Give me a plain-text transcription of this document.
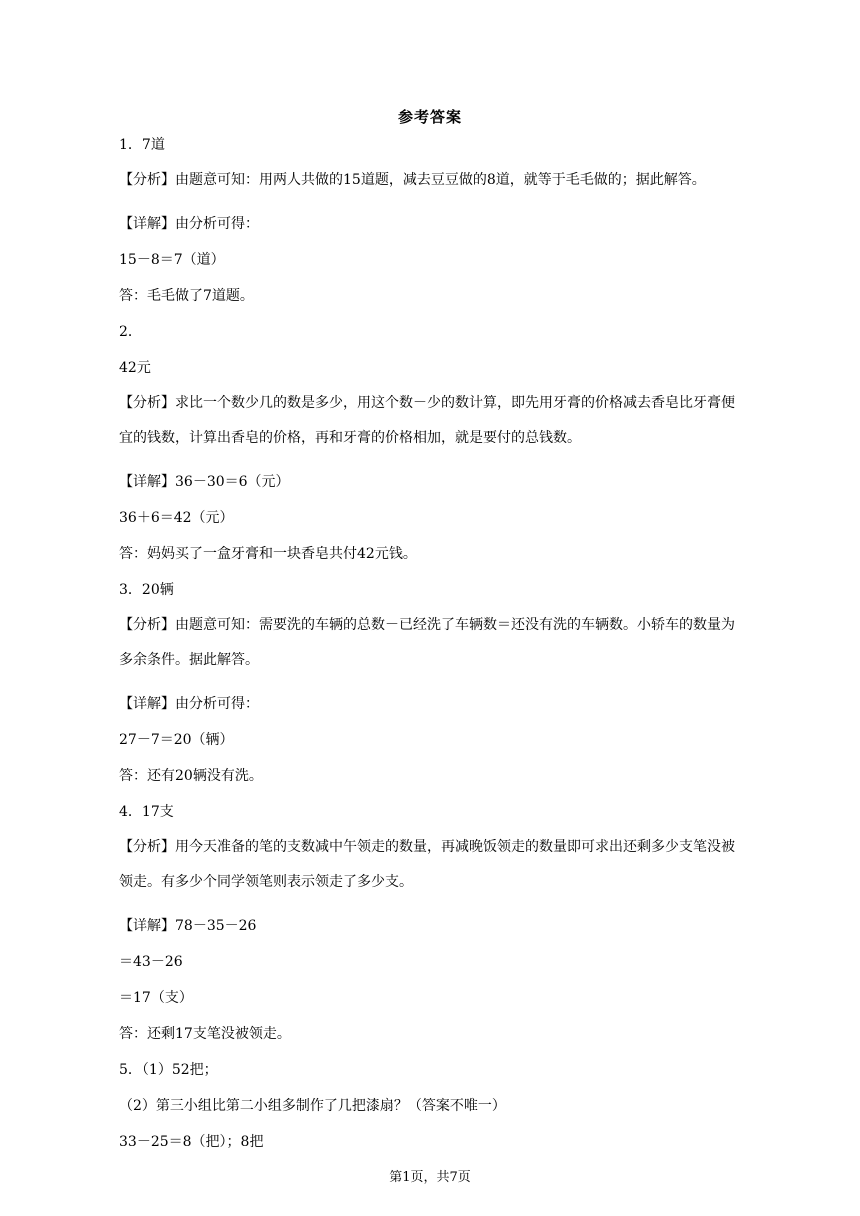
参考答案
1．7道
【分析】由题意可知：用两人共做的15道题，减去豆豆做的8道，就等于毛毛做的；据此解答。
【详解】由分析可得：
15－8＝7（道）
答：毛毛做了7道题。
2．
42元
【分析】求比一个数少几的数是多少，用这个数－少的数计算，即先用牙膏的价格减去香皂比牙膏便宜的钱数，计算出香皂的价格，再和牙膏的价格相加，就是要付的总钱数。
【详解】36－30＝6（元）
36＋6＝42（元）
答：妈妈买了一盒牙膏和一块香皂共付42元钱。
3．20辆
【分析】由题意可知：需要洗的车辆的总数－已经洗了车辆数＝还没有洗的车辆数。小轿车的数量为多余条件。据此解答。
【详解】由分析可得：
27－7＝20（辆）
答：还有20辆没有洗。
4．17支
【分析】用今天准备的笔的支数减中午领走的数量，再减晚饭领走的数量即可求出还剩多少支笔没被领走。有多少个同学领笔则表示领走了多少支。
【详解】78－35－26
＝43－26
＝17（支）
答：还剩17支笔没被领走。
5．（1）52把；
（2）第三小组比第二小组多制作了几把漆扇？（答案不唯一）
33－25＝8（把）；8把
第1页，共7页
